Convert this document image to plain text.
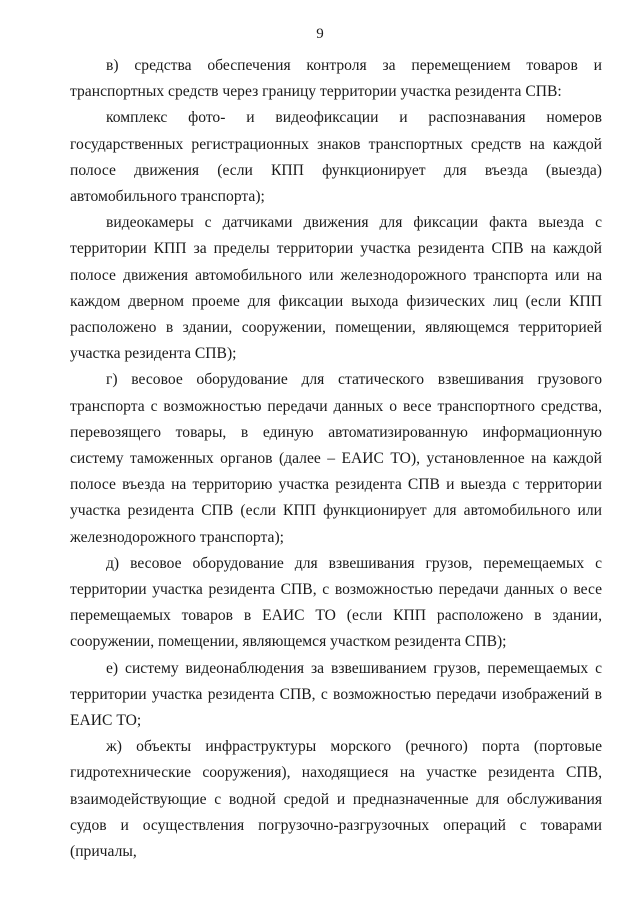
9

в) средства обеспечения контроля за перемещением товаров и транспортных средств через границу территории участка резидента СПВ:

комплекс фото- и видеофиксации и распознавания номеров государственных регистрационных знаков транспортных средств на каждой полосе движения (если КПП функционирует для въезда (выезда) автомобильного транспорта);

видеокамеры с датчиками движения для фиксации факта выезда с территории КПП за пределы территории участка резидента СПВ на каждой полосе движения автомобильного или железнодорожного транспорта или на каждом дверном проеме для фиксации выхода физических лиц (если КПП расположено в здании, сооружении, помещении, являющемся территорией участка резидента СПВ);

г) весовое оборудование для статического взвешивания грузового транспорта с возможностью передачи данных о весе транспортного средства, перевозящего товары, в единую автоматизированную информационную систему таможенных органов (далее – ЕАИС ТО), установленное на каждой полосе въезда на территорию участка резидента СПВ и выезда с территории участка резидента СПВ (если КПП функционирует для автомобильного или железнодорожного транспорта);

д) весовое оборудование для взвешивания грузов, перемещаемых с территории участка резидента СПВ, с возможностью передачи данных о весе перемещаемых товаров в ЕАИС ТО (если КПП расположено в здании, сооружении, помещении, являющемся участком резидента СПВ);

е) систему видеонаблюдения за взвешиванием грузов, перемещаемых с территории участка резидента СПВ, с возможностью передачи изображений в ЕАИС ТО;

ж) объекты инфраструктуры морского (речного) порта (портовые гидротехнические сооружения), находящиеся на участке резидента СПВ, взаимодействующие с водной средой и предназначенные для обслуживания судов и осуществления погрузочно-разгрузочных операций с товарами (причалы,
